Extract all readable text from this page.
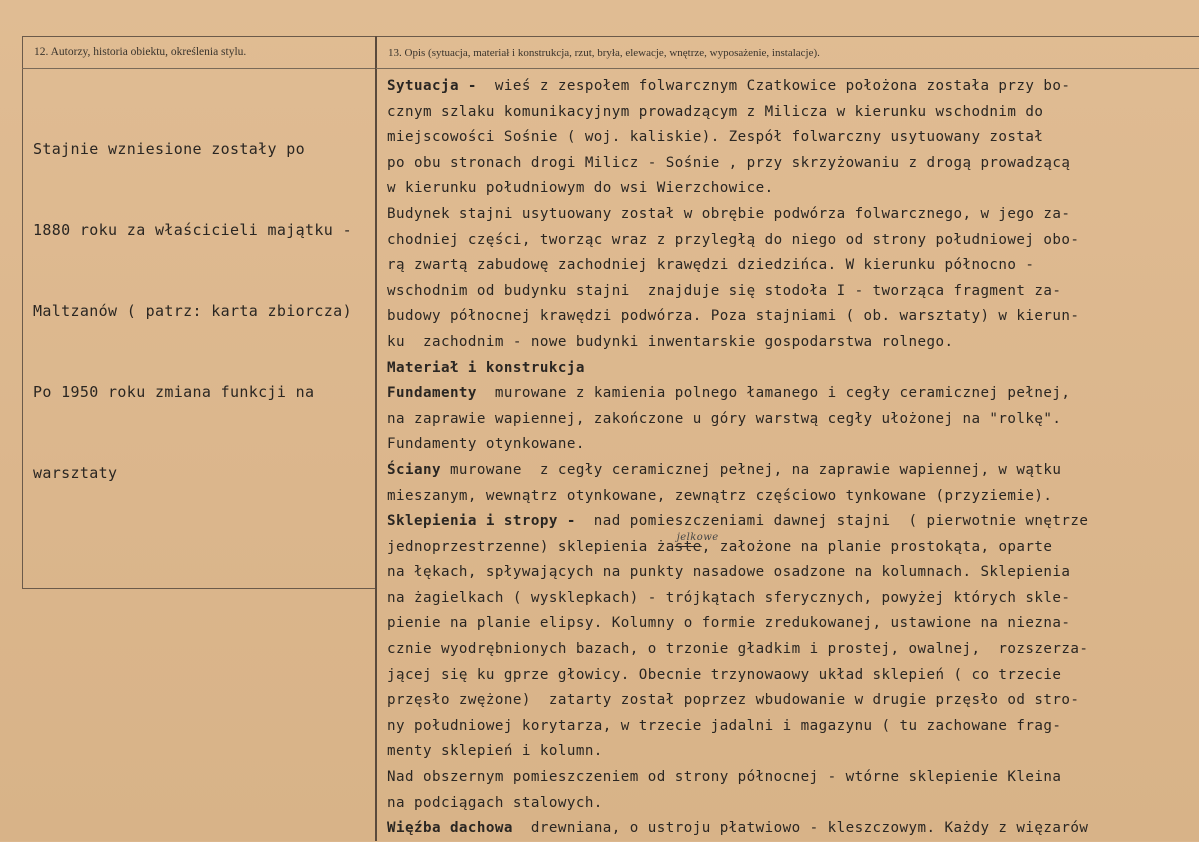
12. Autorzy, historia obiektu, określenia stylu.	13. Opis (sytuacja, materiał i konstrukcja, rzut, bryła, elewacje, wnętrze, wyposażenie, instalacje).

Stajnie wzniesione zostały po

1880 roku za właścicieli majątku -

Maltzanów ( patrz: karta zbiorcza)

Po 1950 roku zmiana funkcji na

warsztaty

Sytuacja -  wieś z zespołem folwarcznym Czatkowice położona została przy bo-
cznym szlaku komunikacyjnym prowadzącym z Milicza w kierunku wschodnim do
miejscowości Sośnie ( woj. kaliskie). Zespół folwarczny usytuowany został
po obu stronach drogi Milicz - Sośnie , przy skrzyżowaniu z drogą prowadzącą
w kierunku południowym do wsi Wierzchowice.
Budynek stajni usytuowany został w obrębie podwórza folwarcznego, w jego za-
chodniej części, tworząc wraz z przyległą do niego od strony południowej obo-
rą zwartą zabudowę zachodniej krawędzi dziedzińca. W kierunku północno -
wschodnim od budynku stajni  znajduje się stodoła I - tworząca fragment za-
budowy północnej krawędzi podwórza. Poza stajniami ( ob. warsztaty) w kierun-
ku  zachodnim - nowe budynki inwentarskie gospodarstwa rolnego.
Materiał i konstrukcja
Fundamenty  murowane z kamienia polnego łamanego i cegły ceramicznej pełnej,
na zaprawie wapiennej, zakończone u góry warstwą cegły ułożonej na "rolkę".
Fundamenty otynkowane.
Ściany murowane  z cegły ceramicznej pełnej, na zaprawie wapiennej, w wątku
mieszanym, wewnątrz otynkowane, zewnątrz częściowo tynkowane (przyziemie).
Sklepienia i stropy -  nad pomieszczeniami dawnej stajni  ( pierwotnie wnętrze
jednoprzestrzenne) sklepienia ża
jelkowe
ste, założone na planie prostokąta, oparte
na łękach, spływających na punkty nasadowe osadzone na kolumnach. Sklepienia
na żagielkach ( wysklepkach) - trójkątach sferycznych, powyżej których skle-
pienie na planie elipsy. Kolumny o formie zredukowanej, ustawione na niezna-
cznie wyodrębnionych bazach, o trzonie gładkim i prostej, owalnej,  rozszerza-
jącej się ku gprze głowicy. Obecnie trzynowaowy układ sklepień ( co trzecie
przęsło zwężone)  zatarty został poprzez wbudowanie w drugie przęsło od stro-
ny południowej korytarza, w trzecie jadalni i magazynu ( tu zachowane frag-
menty sklepień i kolumn.
Nad obszernym pomieszczeniem od strony północnej - wtórne sklepienie Kleina
na podciągach stalowych.
Więźba dachowa  drewniana, o ustroju płatwiowo - kleszczowym. Każdy z więzarów
